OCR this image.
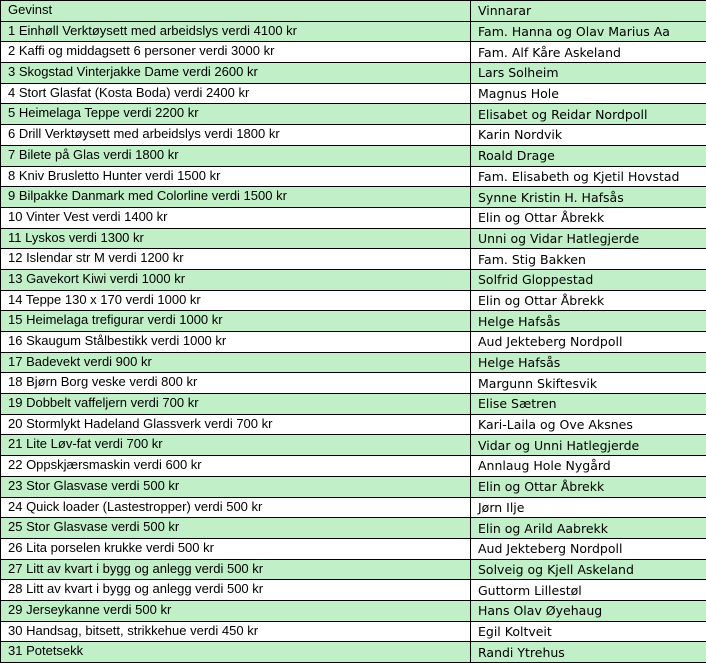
Gevinst	Vinnarar
1 Einhøll Verktøysett med arbeidslys verdi 4100 kr	Fam. Hanna og Olav Marius Aa
2 Kaffi og middagsett 6 personer verdi 3000 kr	Fam. Alf Kåre Askeland
3 Skogstad Vinterjakke Dame verdi 2600 kr	Lars Solheim
4 Stort Glasfat (Kosta Boda) verdi 2400 kr	Magnus Hole
5 Heimelaga Teppe verdi 2200 kr	Elisabet og Reidar Nordpoll
6 Drill Verktøysett med arbeidslys verdi 1800 kr	Karin Nordvik
7 Bilete på Glas verdi 1800 kr	Roald Drage
8 Kniv Brusletto Hunter verdi 1500 kr	Fam. Elisabeth og Kjetil Hovstad
9 Bilpakke Danmark med Colorline verdi 1500 kr	Synne Kristin H. Hafsås
10 Vinter Vest verdi 1400 kr	Elin og Ottar Åbrekk
11 Lyskos verdi 1300 kr	Unni og Vidar Hatlegjerde
12 Islendar str M verdi 1200 kr	Fam. Stig Bakken
13 Gavekort Kiwi verdi 1000 kr	Solfrid Gloppestad
14 Teppe 130 x 170 verdi 1000 kr	Elin og Ottar Åbrekk
15 Heimelaga trefigurar verdi 1000 kr	Helge Hafsås
16 Skaugum Stålbestikk verdi 1000 kr	Aud Jekteberg Nordpoll
17 Badevekt verdi 900 kr	Helge Hafsås
18 Bjørn Borg veske verdi 800 kr	Margunn Skiftesvik
19 Dobbelt vaffeljern verdi 700 kr	Elise Sætren
20 Stormlykt Hadeland Glassverk verdi 700 kr	Kari-Laila og Ove Aksnes
21 Lite Løv-fat verdi 700 kr	Vidar og Unni Hatlegjerde
22 Oppskjærsmaskin verdi 600 kr	Annlaug Hole Nygård
23 Stor Glasvase verdi 500 kr	Elin og Ottar Åbrekk
24 Quick loader (Lastestropper) verdi 500 kr	Jørn Ilje
25 Stor Glasvase verdi 500 kr	Elin og Arild Aabrekk
26 Lita porselen krukke verdi 500 kr	Aud Jekteberg Nordpoll
27 Litt av kvart i bygg og anlegg verdi 500 kr	Solveig og Kjell Askeland
28 Litt av kvart i bygg og anlegg verdi 500 kr	Guttorm Lillestøl
29 Jerseykanne verdi 500 kr	Hans Olav Øyehaug
30 Handsag, bitsett, strikkehue verdi 450 kr	Egil Koltveit
31 Potetsekk	Randi Ytrehus
